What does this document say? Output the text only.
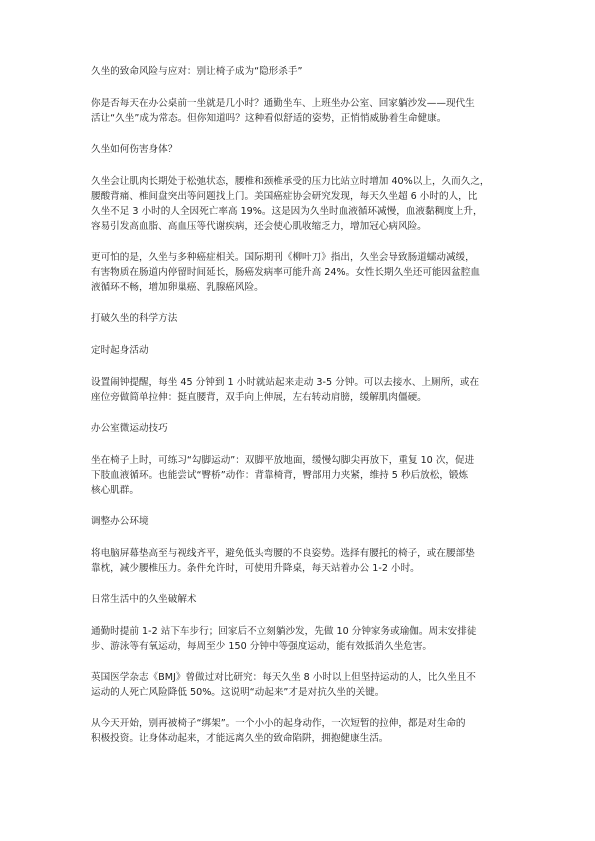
久坐的致命风险与应对：别让椅子成为“隐形杀手”
你是否每天在办公桌前一坐就是几小时？通勤坐车、上班坐办公室、回家躺沙发——现代生
活让“久坐”成为常态。但你知道吗？这种看似舒适的姿势，正悄悄威胁着生命健康。
久坐如何伤害身体？
久坐会让肌肉长期处于松弛状态，腰椎和颈椎承受的压力比站立时增加 40%以上，久而久之，
腰酸背痛、椎间盘突出等问题找上门。美国癌症协会研究发现，每天久坐超 6 小时的人，比
久坐不足 3 小时的人全因死亡率高 19%。这是因为久坐时血液循环减慢，血液黏稠度上升，
容易引发高血脂、高血压等代谢疾病，还会使心肌收缩乏力，增加冠心病风险。
更可怕的是，久坐与多种癌症相关。国际期刊《柳叶刀》指出，久坐会导致肠道蠕动减缓，
有害物质在肠道内停留时间延长，肠癌发病率可能升高 24%。女性长期久坐还可能因盆腔血
液循环不畅，增加卵巢癌、乳腺癌风险。
打破久坐的科学方法
定时起身活动
设置闹钟提醒，每坐 45 分钟到 1 小时就站起来走动 3-5 分钟。可以去接水、上厕所，或在
座位旁做简单拉伸：挺直腰背，双手向上伸展，左右转动肩膀，缓解肌肉僵硬。
办公室微运动技巧
坐在椅子上时，可练习“勾脚运动”：双脚平放地面，缓慢勾脚尖再放下，重复 10 次，促进
下肢血液循环。也能尝试“臀桥”动作：背靠椅背，臀部用力夹紧，维持 5 秒后放松，锻炼
核心肌群。
调整办公环境
将电脑屏幕垫高至与视线齐平，避免低头弯腰的不良姿势。选择有腰托的椅子，或在腰部垫
靠枕，减少腰椎压力。条件允许时，可使用升降桌，每天站着办公 1-2 小时。
日常生活中的久坐破解术
通勤时提前 1-2 站下车步行；回家后不立刻躺沙发，先做 10 分钟家务或瑜伽。周末安排徒
步、游泳等有氧运动，每周至少 150 分钟中等强度运动，能有效抵消久坐危害。
英国医学杂志《BMJ》曾做过对比研究：每天久坐 8 小时以上但坚持运动的人，比久坐且不
运动的人死亡风险降低 50%。这说明“动起来”才是对抗久坐的关键。
从今天开始，别再被椅子“绑架”。一个小小的起身动作，一次短暂的拉伸，都是对生命的
积极投资。让身体动起来，才能远离久坐的致命陷阱，拥抱健康生活。
